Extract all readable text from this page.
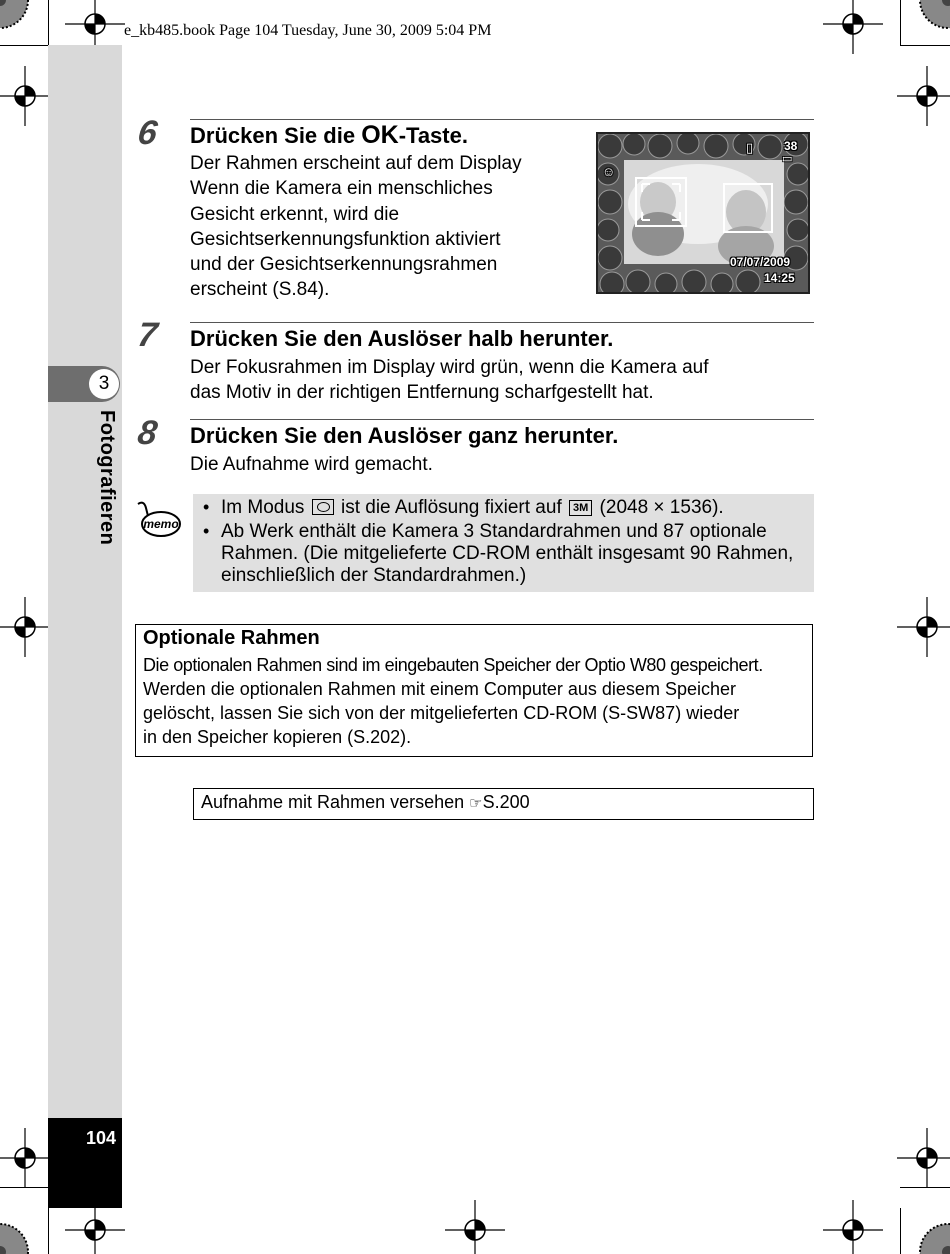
e_kb485.book Page 104 Tuesday, June 30, 2009 5:04 PM
3
Fotografieren
104
6 Drücken Sie die OK-Taste.
Der Rahmen erscheint auf dem Display
Wenn die Kamera ein menschliches
Gesicht erkennt, wird die
Gesichtserkennungsfunktion aktiviert
und der Gesichtserkennungsrahmen
erscheint (S.84).
▯	38
▭
☺
07/07/2009
14:25
7 Drücken Sie den Auslöser halb herunter.
Der Fokusrahmen im Display wird grün, wenn die Kamera auf
das Motiv in der richtigen Entfernung scharfgestellt hat.
8 Drücken Sie den Auslöser ganz herunter.
Die Aufnahme wird gemacht.
memo
• Im Modus  ist die Auflösung fixiert auf 3M (2048 × 1536).
• Ab Werk enthält die Kamera 3 Standardrahmen und 87 optionale
Rahmen. (Die mitgelieferte CD-ROM enthält insgesamt 90 Rahmen,
einschließlich der Standardrahmen.)
Optionale Rahmen
Die optionalen Rahmen sind im eingebauten Speicher der Optio W80 gespeichert.
Werden die optionalen Rahmen mit einem Computer aus diesem Speicher
gelöscht, lassen Sie sich von der mitgelieferten CD-ROM (S-SW87) wieder
in den Speicher kopieren (S.202).
Aufnahme mit Rahmen versehen ☞S.200
